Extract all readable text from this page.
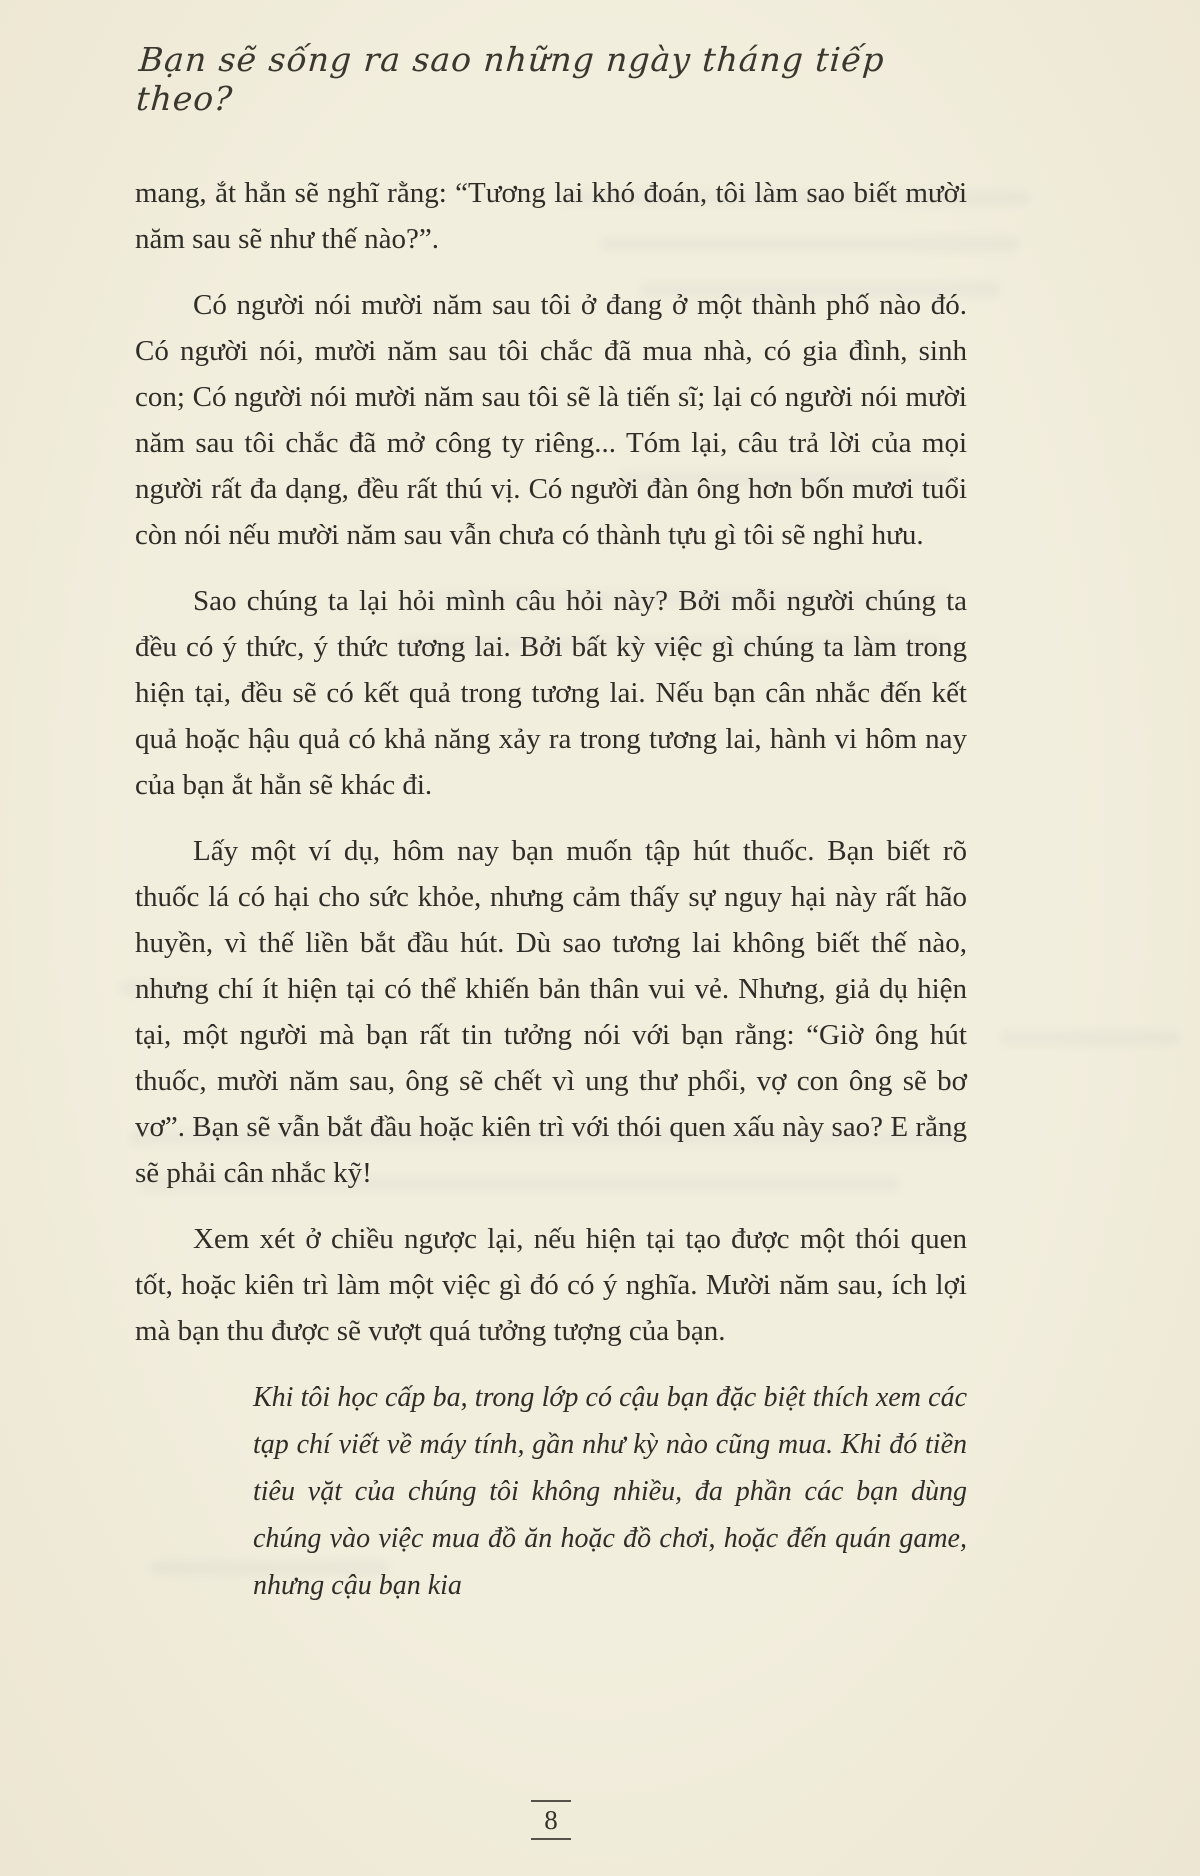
Bạn sẽ sống ra sao những ngày tháng tiếp theo?

mang, ắt hẳn sẽ nghĩ rằng: “Tương lai khó đoán, tôi làm sao biết mười năm sau sẽ như thế nào?”.

Có người nói mười năm sau tôi ở đang ở một thành phố nào đó. Có người nói, mười năm sau tôi chắc đã mua nhà, có gia đình, sinh con; Có người nói mười năm sau tôi sẽ là tiến sĩ; lại có người nói mười năm sau tôi chắc đã mở công ty riêng... Tóm lại, câu trả lời của mọi người rất đa dạng, đều rất thú vị. Có người đàn ông hơn bốn mươi tuổi còn nói nếu mười năm sau vẫn chưa có thành tựu gì tôi sẽ nghỉ hưu.

Sao chúng ta lại hỏi mình câu hỏi này? Bởi mỗi người chúng ta đều có ý thức, ý thức tương lai. Bởi bất kỳ việc gì chúng ta làm trong hiện tại, đều sẽ có kết quả trong tương lai. Nếu bạn cân nhắc đến kết quả hoặc hậu quả có khả năng xảy ra trong tương lai, hành vi hôm nay của bạn ắt hẳn sẽ khác đi.

Lấy một ví dụ, hôm nay bạn muốn tập hút thuốc. Bạn biết rõ thuốc lá có hại cho sức khỏe, nhưng cảm thấy sự nguy hại này rất hão huyền, vì thế liền bắt đầu hút. Dù sao tương lai không biết thế nào, nhưng chí ít hiện tại có thể khiến bản thân vui vẻ. Nhưng, giả dụ hiện tại, một người mà bạn rất tin tưởng nói với bạn rằng: “Giờ ông hút thuốc, mười năm sau, ông sẽ chết vì ung thư phổi, vợ con ông sẽ bơ vơ”. Bạn sẽ vẫn bắt đầu hoặc kiên trì với thói quen xấu này sao? E rằng sẽ phải cân nhắc kỹ!

Xem xét ở chiều ngược lại, nếu hiện tại tạo được một thói quen tốt, hoặc kiên trì làm một việc gì đó có ý nghĩa. Mười năm sau, ích lợi mà bạn thu được sẽ vượt quá tưởng tượng của bạn.

Khi tôi học cấp ba, trong lớp có cậu bạn đặc biệt thích xem các tạp chí viết về máy tính, gần như kỳ nào cũng mua. Khi đó tiền tiêu vặt của chúng tôi không nhiều, đa phần các bạn dùng chúng vào việc mua đồ ăn hoặc đồ chơi, hoặc đến quán game, nhưng cậu bạn kia

8
